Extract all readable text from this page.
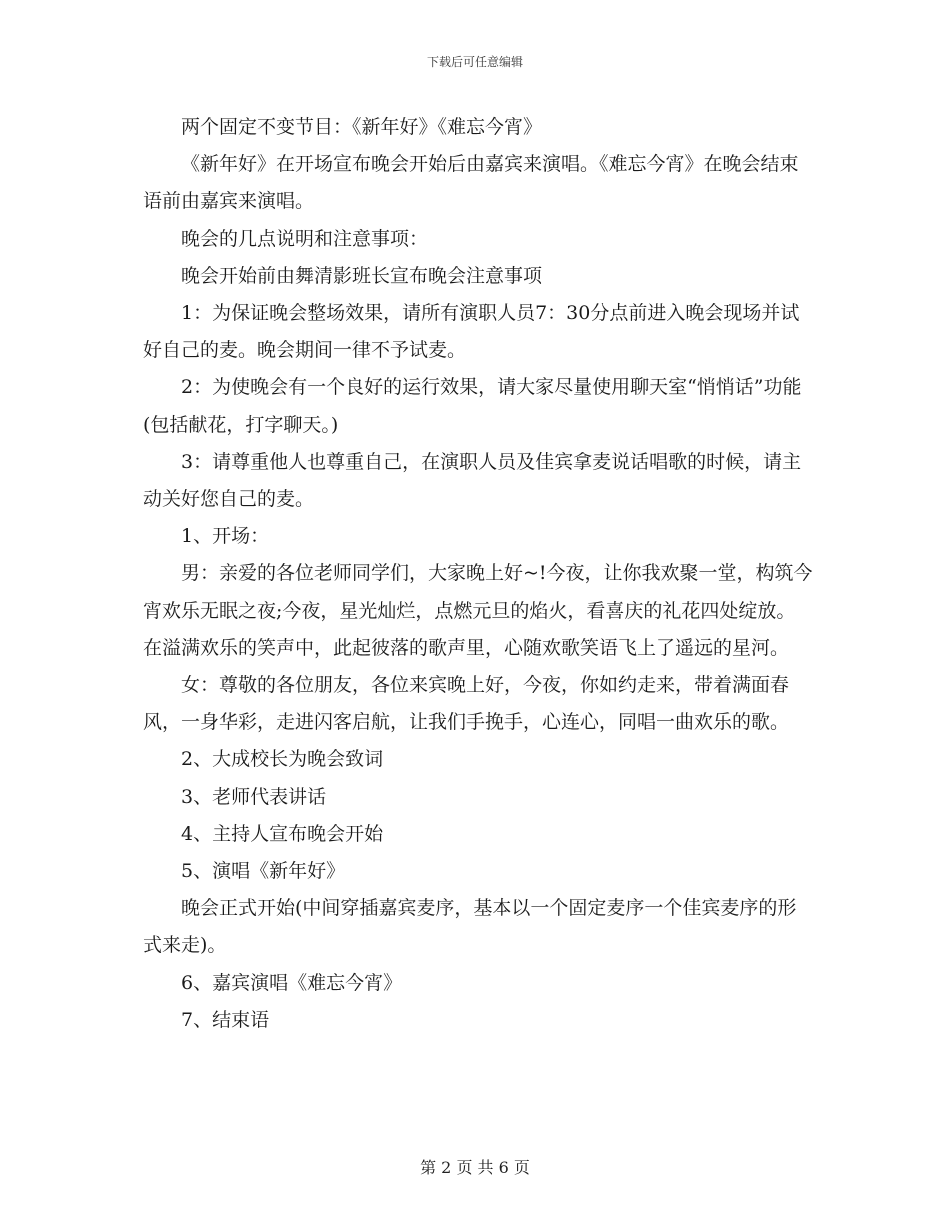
下载后可任意编辑

两个固定不变节目：《新年好》《难忘今宵》

《新年好》在开场宣布晚会开始后由嘉宾来演唱。《难忘今宵》在晚会结束语前由嘉宾来演唱。

晚会的几点说明和注意事项：

晚会开始前由舞清影班长宣布晚会注意事项

1：为保证晚会整场效果，请所有演职人员7：30分点前进入晚会现场并试好自己的麦。晚会期间一律不予试麦。

2：为使晚会有一个良好的运行效果，请大家尽量使用聊天室“悄悄话”功能(包括献花，打字聊天。)

3：请尊重他人也尊重自己，在演职人员及佳宾拿麦说话唱歌的时候，请主动关好您自己的麦。

1、开场：

男：亲爱的各位老师同学们，大家晚上好~!今夜，让你我欢聚一堂，构筑今宵欢乐无眠之夜;今夜，星光灿烂，点燃元旦的焰火，看喜庆的礼花四处绽放。在溢满欢乐的笑声中，此起彼落的歌声里，心随欢歌笑语飞上了遥远的星河。

女：尊敬的各位朋友，各位来宾晚上好，今夜，你如约走来，带着满面春风，一身华彩，走进闪客启航，让我们手挽手，心连心，同唱一曲欢乐的歌。

2、大成校长为晚会致词

3、老师代表讲话

4、主持人宣布晚会开始

5、演唱《新年好》

晚会正式开始(中间穿插嘉宾麦序，基本以一个固定麦序一个佳宾麦序的形式来走)。

6、嘉宾演唱《难忘今宵》

7、结束语

第 2 页 共 6 页
